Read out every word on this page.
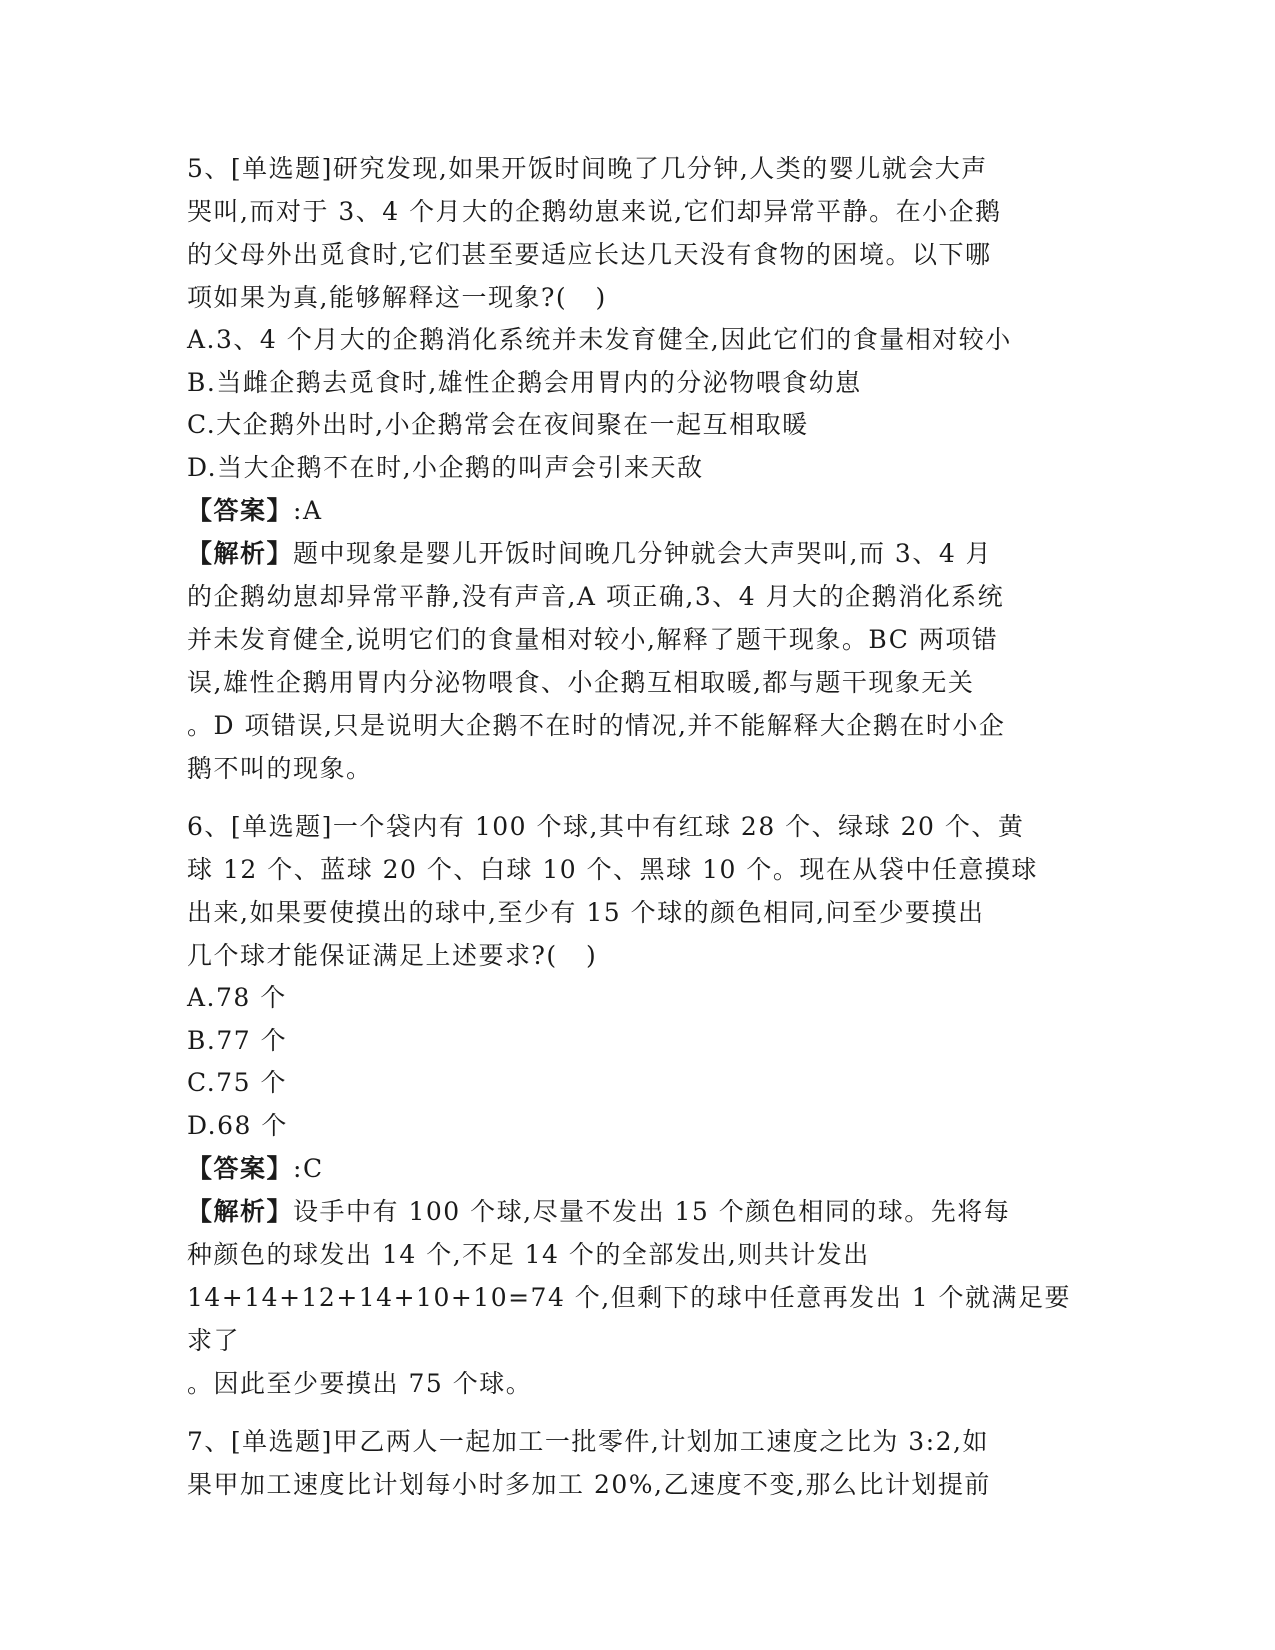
5、[单选题]研究发现,如果开饭时间晚了几分钟,人类的婴儿就会大声

哭叫,而对于 3、4 个月大的企鹅幼崽来说,它们却异常平静。在小企鹅

的父母外出觅食时,它们甚至要适应长达几天没有食物的困境。以下哪

项如果为真,能够解释这一现象?(   )

A.3、4 个月大的企鹅消化系统并未发育健全,因此它们的食量相对较小

B.当雌企鹅去觅食时,雄性企鹅会用胃内的分泌物喂食幼崽

C.大企鹅外出时,小企鹅常会在夜间聚在一起互相取暖

D.当大企鹅不在时,小企鹅的叫声会引来天敌

【答案】:A

【解析】题中现象是婴儿开饭时间晚几分钟就会大声哭叫,而 3、4 月

的企鹅幼崽却异常平静,没有声音,A 项正确,3、4 月大的企鹅消化系统

并未发育健全,说明它们的食量相对较小,解释了题干现象。BC 两项错

误,雄性企鹅用胃内分泌物喂食、小企鹅互相取暖,都与题干现象无关

。D 项错误,只是说明大企鹅不在时的情况,并不能解释大企鹅在时小企

鹅不叫的现象。

6、[单选题]一个袋内有 100 个球,其中有红球 28 个、绿球 20 个、黄

球 12 个、蓝球 20 个、白球 10 个、黑球 10 个。现在从袋中任意摸球

出来,如果要使摸出的球中,至少有 15 个球的颜色相同,问至少要摸出

几个球才能保证满足上述要求?(   )

A.78 个

B.77 个

C.75 个

D.68 个

【答案】:C

【解析】设手中有 100 个球,尽量不发出 15 个颜色相同的球。先将每

种颜色的球发出 14 个,不足 14 个的全部发出,则共计发出

14+14+12+14+10+10=74 个,但剩下的球中任意再发出 1 个就满足要求了

。因此至少要摸出 75 个球。

7、[单选题]甲乙两人一起加工一批零件,计划加工速度之比为 3:2,如

果甲加工速度比计划每小时多加工 20%,乙速度不变,那么比计划提前
